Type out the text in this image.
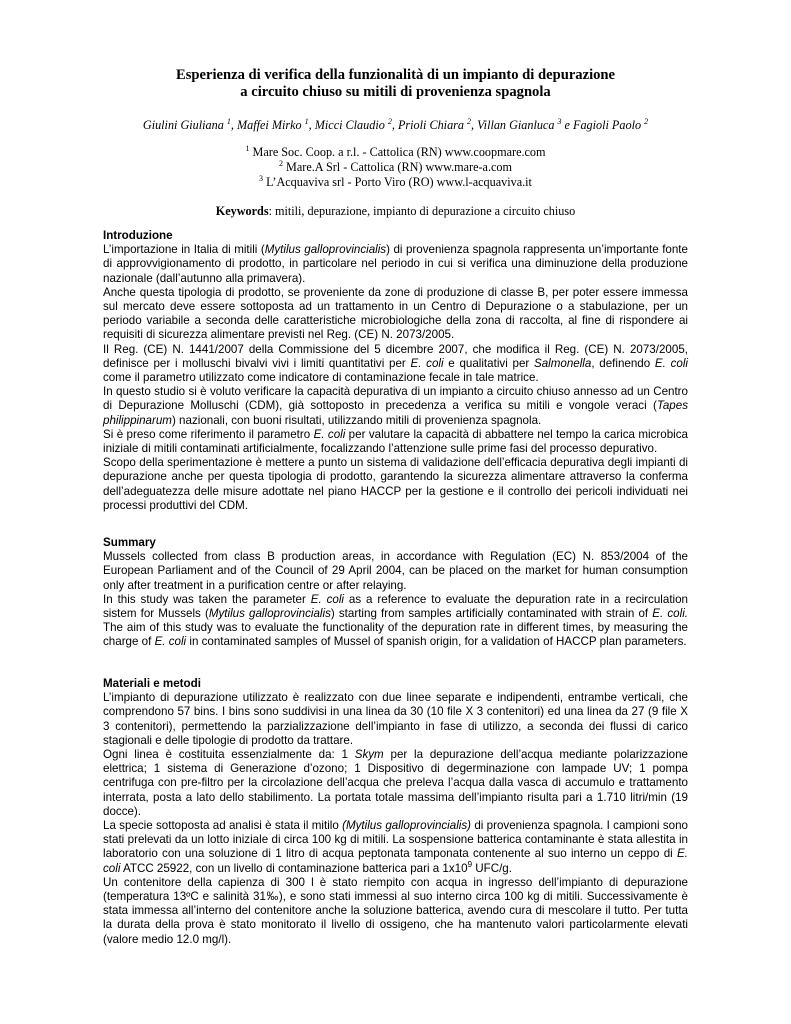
Esperienza di verifica della funzionalità di un impianto di depurazione
a circuito chiuso su mitili di provenienza spagnola
Giulini Giuliana $^1$, Maffei Mirko $^1$, Micci Claudio $^2$, Prioli Chiara $^2$, Villan Gianluca $^3$ e Fagioli Paolo $^2$
$^1$ Mare Soc. Coop. a r.l. - Cattolica (RN) www.coopmare.com
$^2$ Mare.A Srl - Cattolica (RN) www.mare-a.com
$^3$ L’Acquaviva srl - Porto Viro (RO) www.l-acquaviva.it
Keywords: mitili, depurazione, impianto di depurazione a circuito chiuso
Introduzione

L’importazione in Italia di mitili (Mytilus galloprovincialis) di provenienza spagnola rappresenta un’importante fonte di approvvigionamento di prodotto, in particolare nel periodo in cui si verifica una diminuzione della produzione nazionale (dall’autunno alla primavera).

Anche questa tipologia di prodotto, se proveniente da zone di produzione di classe B, per poter essere immessa sul mercato deve essere sottoposta ad un trattamento in un Centro di Depurazione o a stabulazione, per un periodo variabile a seconda delle caratteristiche microbiologiche della zona di raccolta, al fine di rispondere ai requisiti di sicurezza alimentare previsti nel Reg. (CE) N. 2073/2005.

Il Reg. (CE) N. 1441/2007 della Commissione del 5 dicembre 2007, che modifica il Reg. (CE) N. 2073/2005, definisce per i molluschi bivalvi vivi i limiti quantitativi per E. coli e qualitativi per Salmonella, definendo E. coli come il parametro utilizzato come indicatore di contaminazione fecale in tale matrice.

In questo studio si è voluto verificare la capacità depurativa di un impianto a circuito chiuso annesso ad un Centro di Depurazione Molluschi (CDM), già sottoposto in precedenza a verifica su mitili e vongole veraci (Tapes philippinarum) nazionali, con buoni risultati, utilizzando mitili di provenienza spagnola.

Si è preso come riferimento il parametro E. coli per valutare la capacità di abbattere nel tempo la carica microbica iniziale di mitili contaminati artificialmente, focalizzando l’attenzione sulle prime fasi del processo depurativo.

Scopo della sperimentazione è mettere a punto un sistema di validazione dell’efficacia depurativa degli impianti di depurazione anche per questa tipologia di prodotto, garantendo la sicurezza alimentare attraverso la conferma dell’adeguatezza delle misure adottate nel piano HACCP per la gestione e il controllo dei pericoli individuati nei processi produttivi del CDM.

Summary

Mussels collected from class B production areas, in accordance with Regulation (EC) N. 853/2004 of the European Parliament and of the Council of 29 April 2004, can be placed on the market for human consumption only after treatment in a purification centre or after relaying.

In this study was taken the parameter E. coli as a reference to evaluate the depuration rate in a recirculation sistem for Mussels (Mytilus galloprovincialis) starting from samples artificially contaminated with strain of E. coli. The aim of this study was to evaluate the functionality of the depuration rate in different times, by measuring the charge of E. coli in contaminated samples of Mussel of spanish origin, for a validation of HACCP plan parameters.

Materiali e metodi

L’impianto di depurazione utilizzato è realizzato con due linee separate e indipendenti, entrambe verticali, che comprendono 57 bins. I bins sono suddivisi in una linea da 30 (10 file X 3 contenitori) ed una linea da 27 (9 file X 3 contenitori), permettendo la parzializzazione dell’impianto in fase di utilizzo, a seconda dei flussi di carico stagionali e delle tipologie di prodotto da trattare.

Ogni linea è costituita essenzialmente da: 1 Skym per la depurazione dell’acqua mediante polarizzazione elettrica; 1 sistema di Generazione d’ozono; 1 Dispositivo di degerminazione con lampade UV; 1 pompa centrifuga con pre-filtro per la circolazione dell’acqua che preleva l’acqua dalla vasca di accumulo e trattamento interrata, posta a lato dello stabilimento. La portata totale massima dell’impianto risulta pari a 1.710 litri/min (19 docce).

La specie sottoposta ad analisi è stata il mitilo (Mytilus galloprovincialis) di provenienza spagnola. I campioni sono stati prelevati da un lotto iniziale di circa 100 kg di mitili. La sospensione batterica contaminante è stata allestita in laboratorio con una soluzione di 1 litro di acqua peptonata tamponata contenente al suo interno un ceppo di E. coli ATCC 25922, con un livello di contaminazione batterica pari a $1x10^9$ UFC/g.

Un contenitore della capienza di 300 l è stato riempito con acqua in ingresso dell’impianto di depurazione (temperatura 13ºC e salinità 31‰), e sono stati immessi al suo interno circa 100 kg di mitili. Successivamente è stata immessa all’interno del contenitore anche la soluzione batterica, avendo cura di mescolare il tutto. Per tutta la durata della prova è stato monitorato il livello di ossigeno, che ha mantenuto valori particolarmente elevati (valore medio 12.0 mg/l).
